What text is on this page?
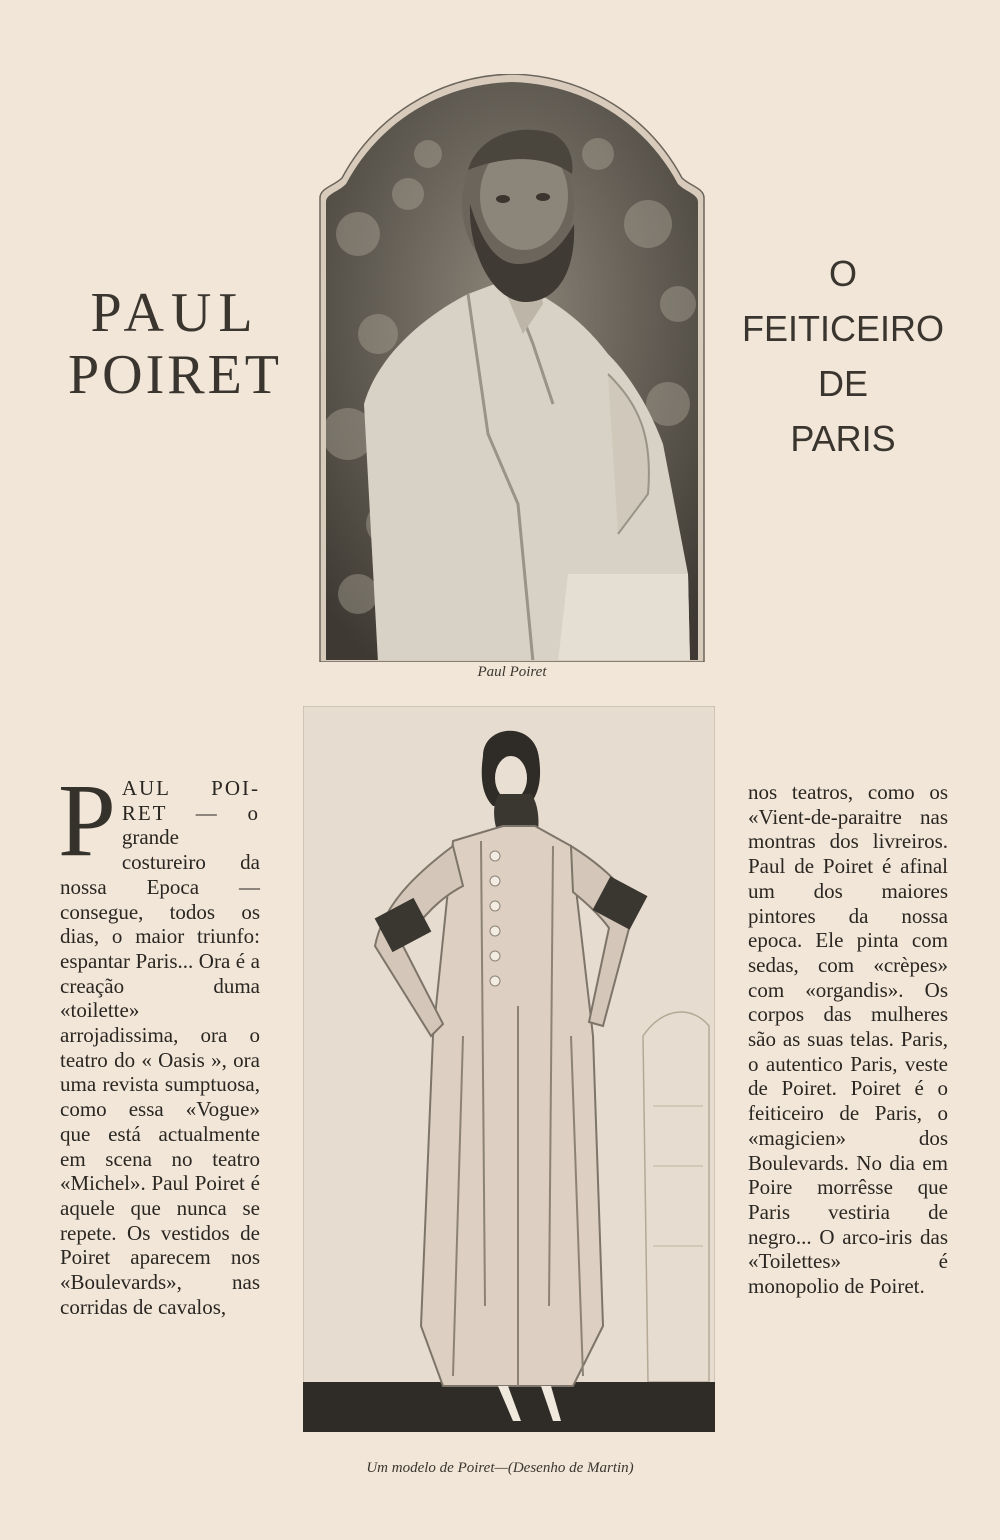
PAUL
POIRET
O
FEITICEIRO
DE
PARIS
Paul Poiret
Um modelo de Poiret—(Desenho de Martin)
P AUL POI-RET — o grande costureiro da nossa Epoca — consegue, todos os dias, o maior triunfo: espantar Paris... Ora é a creação duma «toilette» arrojadissima, ora o teatro do « Oasis », ora uma revista sumptuosa, como essa «Vogue» que está actualmente em scena no teatro «Michel». Paul Poiret é aquele que nunca se repete. Os vestidos de Poiret aparecem nos «Boulevards», nas corridas de cavalos,

nos teatros, como os «Vient-de-paraitre nas montras dos livreiros. Paul de Poiret é afinal um dos maiores pintores da nossa epoca. Ele pinta com sedas, com «crèpes» com «organdis». Os corpos das mulheres são as suas telas. Paris, o autentico Paris, veste de Poiret. Poiret é o feiticeiro de Paris, o «magicien» dos Boulevards. No dia em Poire morrêsse que Paris vestiria de negro... O arco-iris das «Toilettes» é monopolio de Poiret.
